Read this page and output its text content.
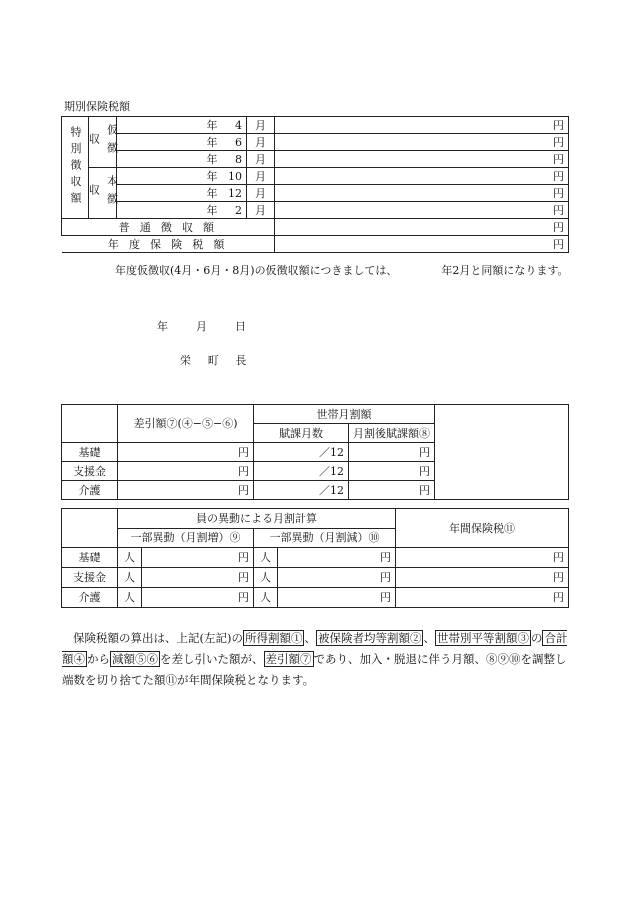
期別保険税額
特別徴収額	仮徴収	年 4	月	円
		年 6	月	円
		年 8	月	円
	本徴収	年 10	月	円
		年 12	月	円
		年 2	月	円
普 通 徴 収 額				円
年 度 保 険 税 額				円
年度仮徴収(4月・6月・8月)の仮徴収額につきましては、	年2月と同額になります。
年	月	日
栄 町 長
	差引額⑦(④−⑤−⑥)	世帯月割額		
		賦課月数	月割後賦課額⑧	
基礎	円	／12	円	
支援金	円	／12	円	
介護	円	／12	円	
	員の異動による月割計算				年間保険税⑪
	一部異動（月割増）⑨		一部異動（月割減）⑩		
基礎	人	円	人	円	円
支援金	人	円	人	円	円
介護	人	円	人	円	円
保険税額の算出は、上記(左記)の 所得割額① 、 被保険者均等割額② 、 世帯別平等割額③ の 合計額④ から 減額⑤⑥ を差し引いた額が、 差引額⑦ であり、加入・脱退に伴う月額、⑧⑨⑩を調整し端数を切り捨てた額⑪が年間保険税となります。
